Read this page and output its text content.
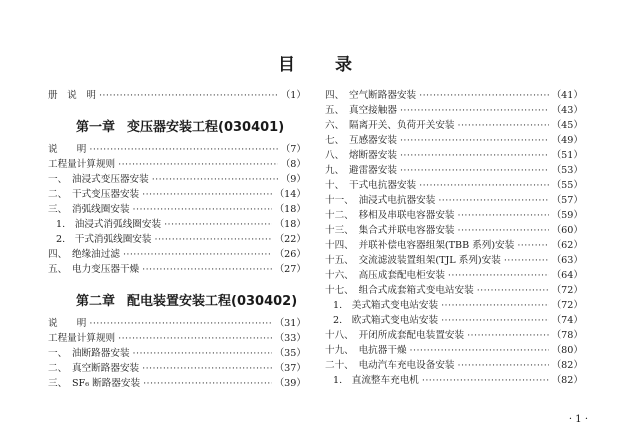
目 录
册　说　明 ·····	（1）
第一章 变压器安装工程(030401)
说　　明 ·····	（7）
工程量计算规则 ·····	（8）
一、　油浸式变压器安装 ·····	（9）
二、　干式变压器安装 ·····	（14）
三、　消弧线圈安装 ·····	（18）
1.　油浸式消弧线圈安装 ·····	（18）
2.　干式消弧线圈安装 ·····	（22）
四、　绝缘油过滤 ·····	（26）
五、　电力变压器干燥 ·····	（27）
第二章 配电装置安装工程(030402)
说　　明 ·····	（31）
工程量计算规则 ·····	（33）
一、　油断路器安装 ·····	（35）
二、　真空断路器安装 ·····	（37）
三、　SF₆ 断路器安装 ·····	（39）
四、　空气断路器安装 ·····	（41）
五、　真空接触器 ·····	（43）
六、　隔离开关、负荷开关安装 ·····	（45）
七、　互感器安装 ·····	（49）
八、　熔断器安装 ·····	（51）
九、　避雷器安装 ·····	（53）
十、　干式电抗器安装 ·····	（55）
十一、　油浸式电抗器安装 ·····	（57）
十二、　移相及串联电容器安装 ·····	（59）
十三、　集合式并联电容器安装 ·····	（60）
十四、　并联补偿电容器组架(TBB 系列)安装 ·····	（62）
十五、　交流滤波装置组架(TJL 系列)安装 ·····	（63）
十六、　高压成套配电柜安装 ·····	（64）
十七、　组合式成套箱式变电站安装 ·····	（72）
1.　美式箱式变电站安装 ·····	（72）
2.　欧式箱式变电站安装 ·····	（74）
十八、　开闭所成套配电装置安装 ·····	（78）
十九、　电抗器干燥 ·····	（80）
二十、　电动汽车充电设备安装 ·····	（82）
1.　直流整车充电机 ·····	（82）
· 1 ·
